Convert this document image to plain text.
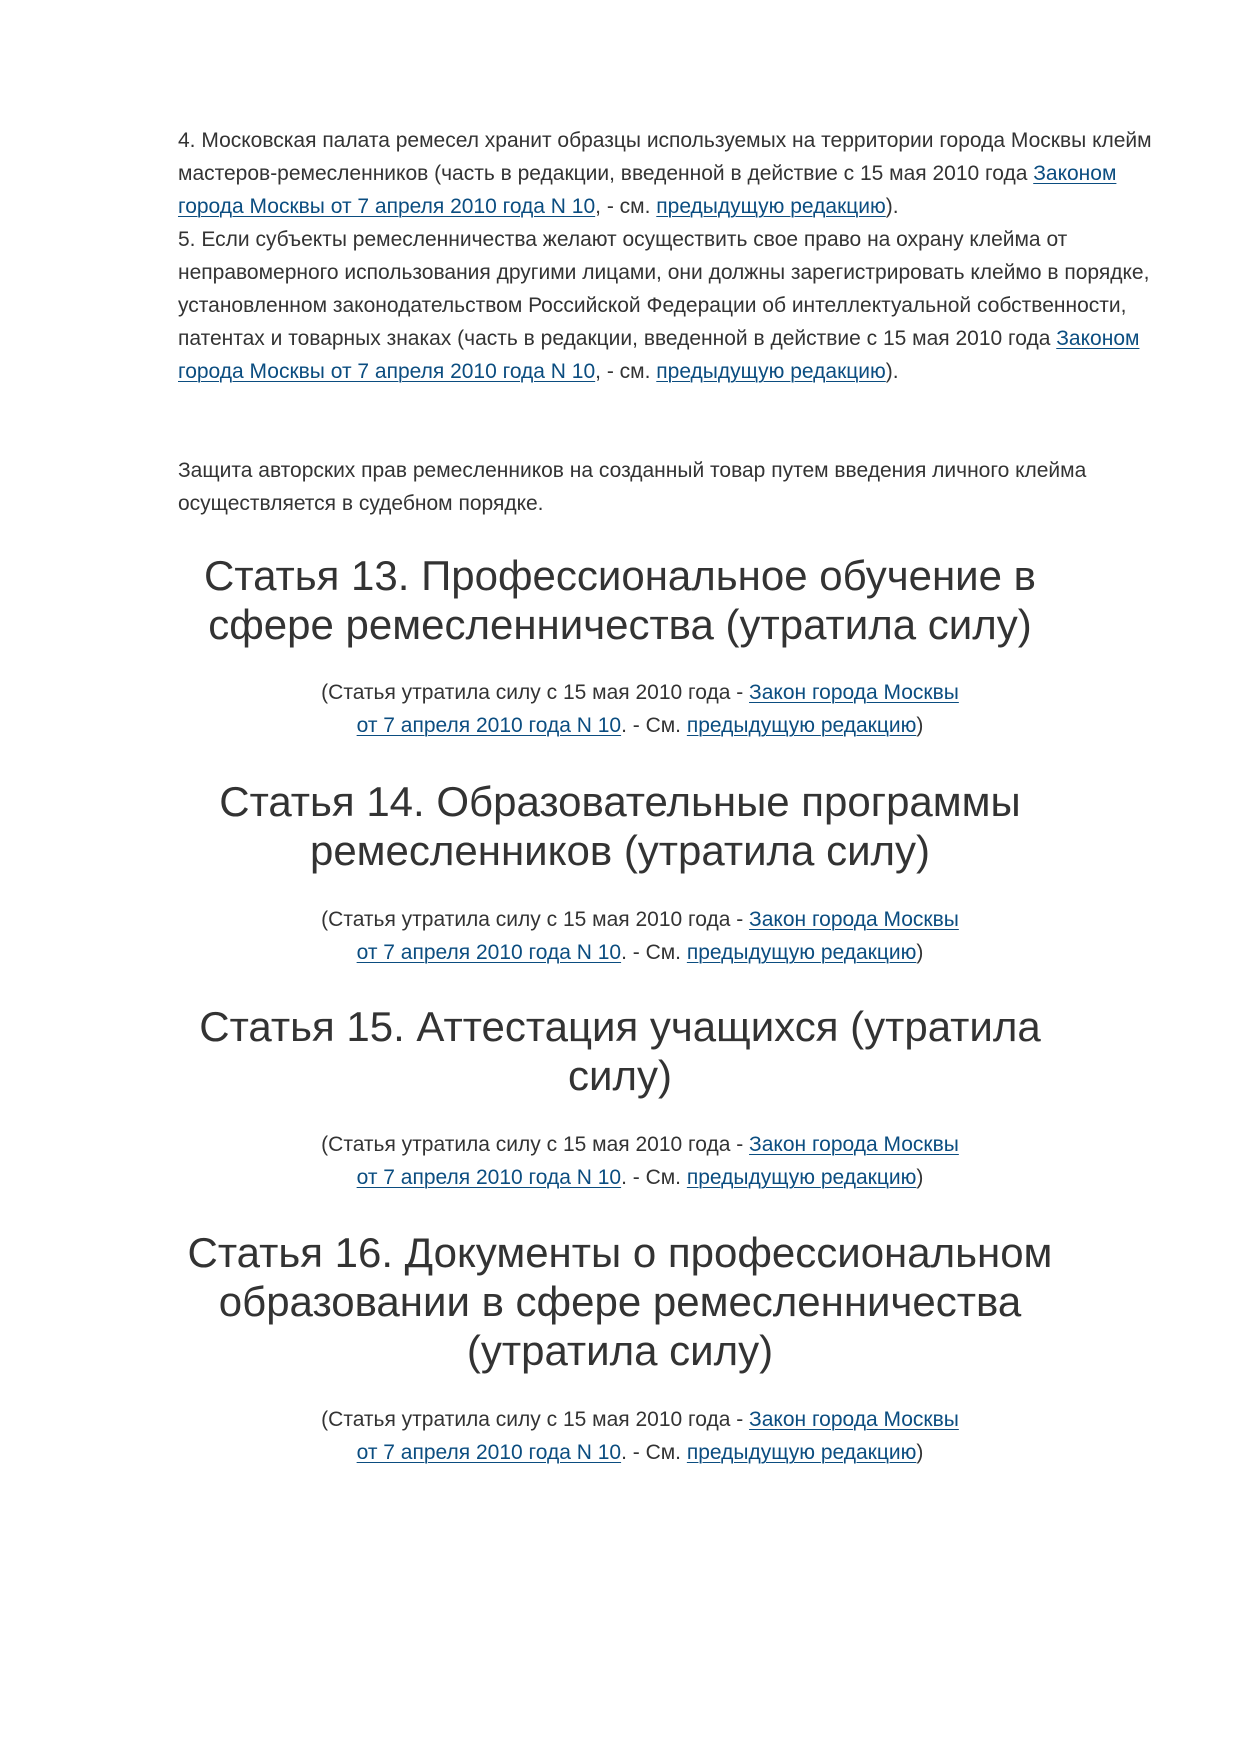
4. Московская палата ремесел хранит образцы используемых на территории города Москвы клейм мастеров-ремесленников (часть в редакции, введенной в действие с 15 мая 2010 года Законом города Москвы от 7 апреля 2010 года N 10, - см. предыдущую редакцию).
5. Если субъекты ремесленничества желают осуществить свое право на охрану клейма от неправомерного использования другими лицами, они должны зарегистрировать клеймо в порядке, установленном законодательством Российской Федерации об интеллектуальной собственности, патентах и товарных знаках (часть в редакции, введенной в действие с 15 мая 2010 года Законом города Москвы от 7 апреля 2010 года N 10, - см. предыдущую редакцию).

Защита авторских прав ремесленников на созданный товар путем введения личного клейма осуществляется в судебном порядке.

Статья 13. Профессиональное обучение в сфере ремесленничества (утратила силу)

(Статья утратила силу с 15 мая 2010 года - Закон города Москвы
от 7 апреля 2010 года N 10. - См. предыдущую редакцию)

Статья 14. Образовательные программы ремесленников (утратила силу)

(Статья утратила силу с 15 мая 2010 года - Закон города Москвы
от 7 апреля 2010 года N 10. - См. предыдущую редакцию)

Статья 15. Аттестация учащихся (утратила силу)

(Статья утратила силу с 15 мая 2010 года - Закон города Москвы
от 7 апреля 2010 года N 10. - См. предыдущую редакцию)

Статья 16. Документы о профессиональном образовании в сфере ремесленничества (утратила силу)

(Статья утратила силу с 15 мая 2010 года - Закон города Москвы
от 7 апреля 2010 года N 10. - См. предыдущую редакцию)
